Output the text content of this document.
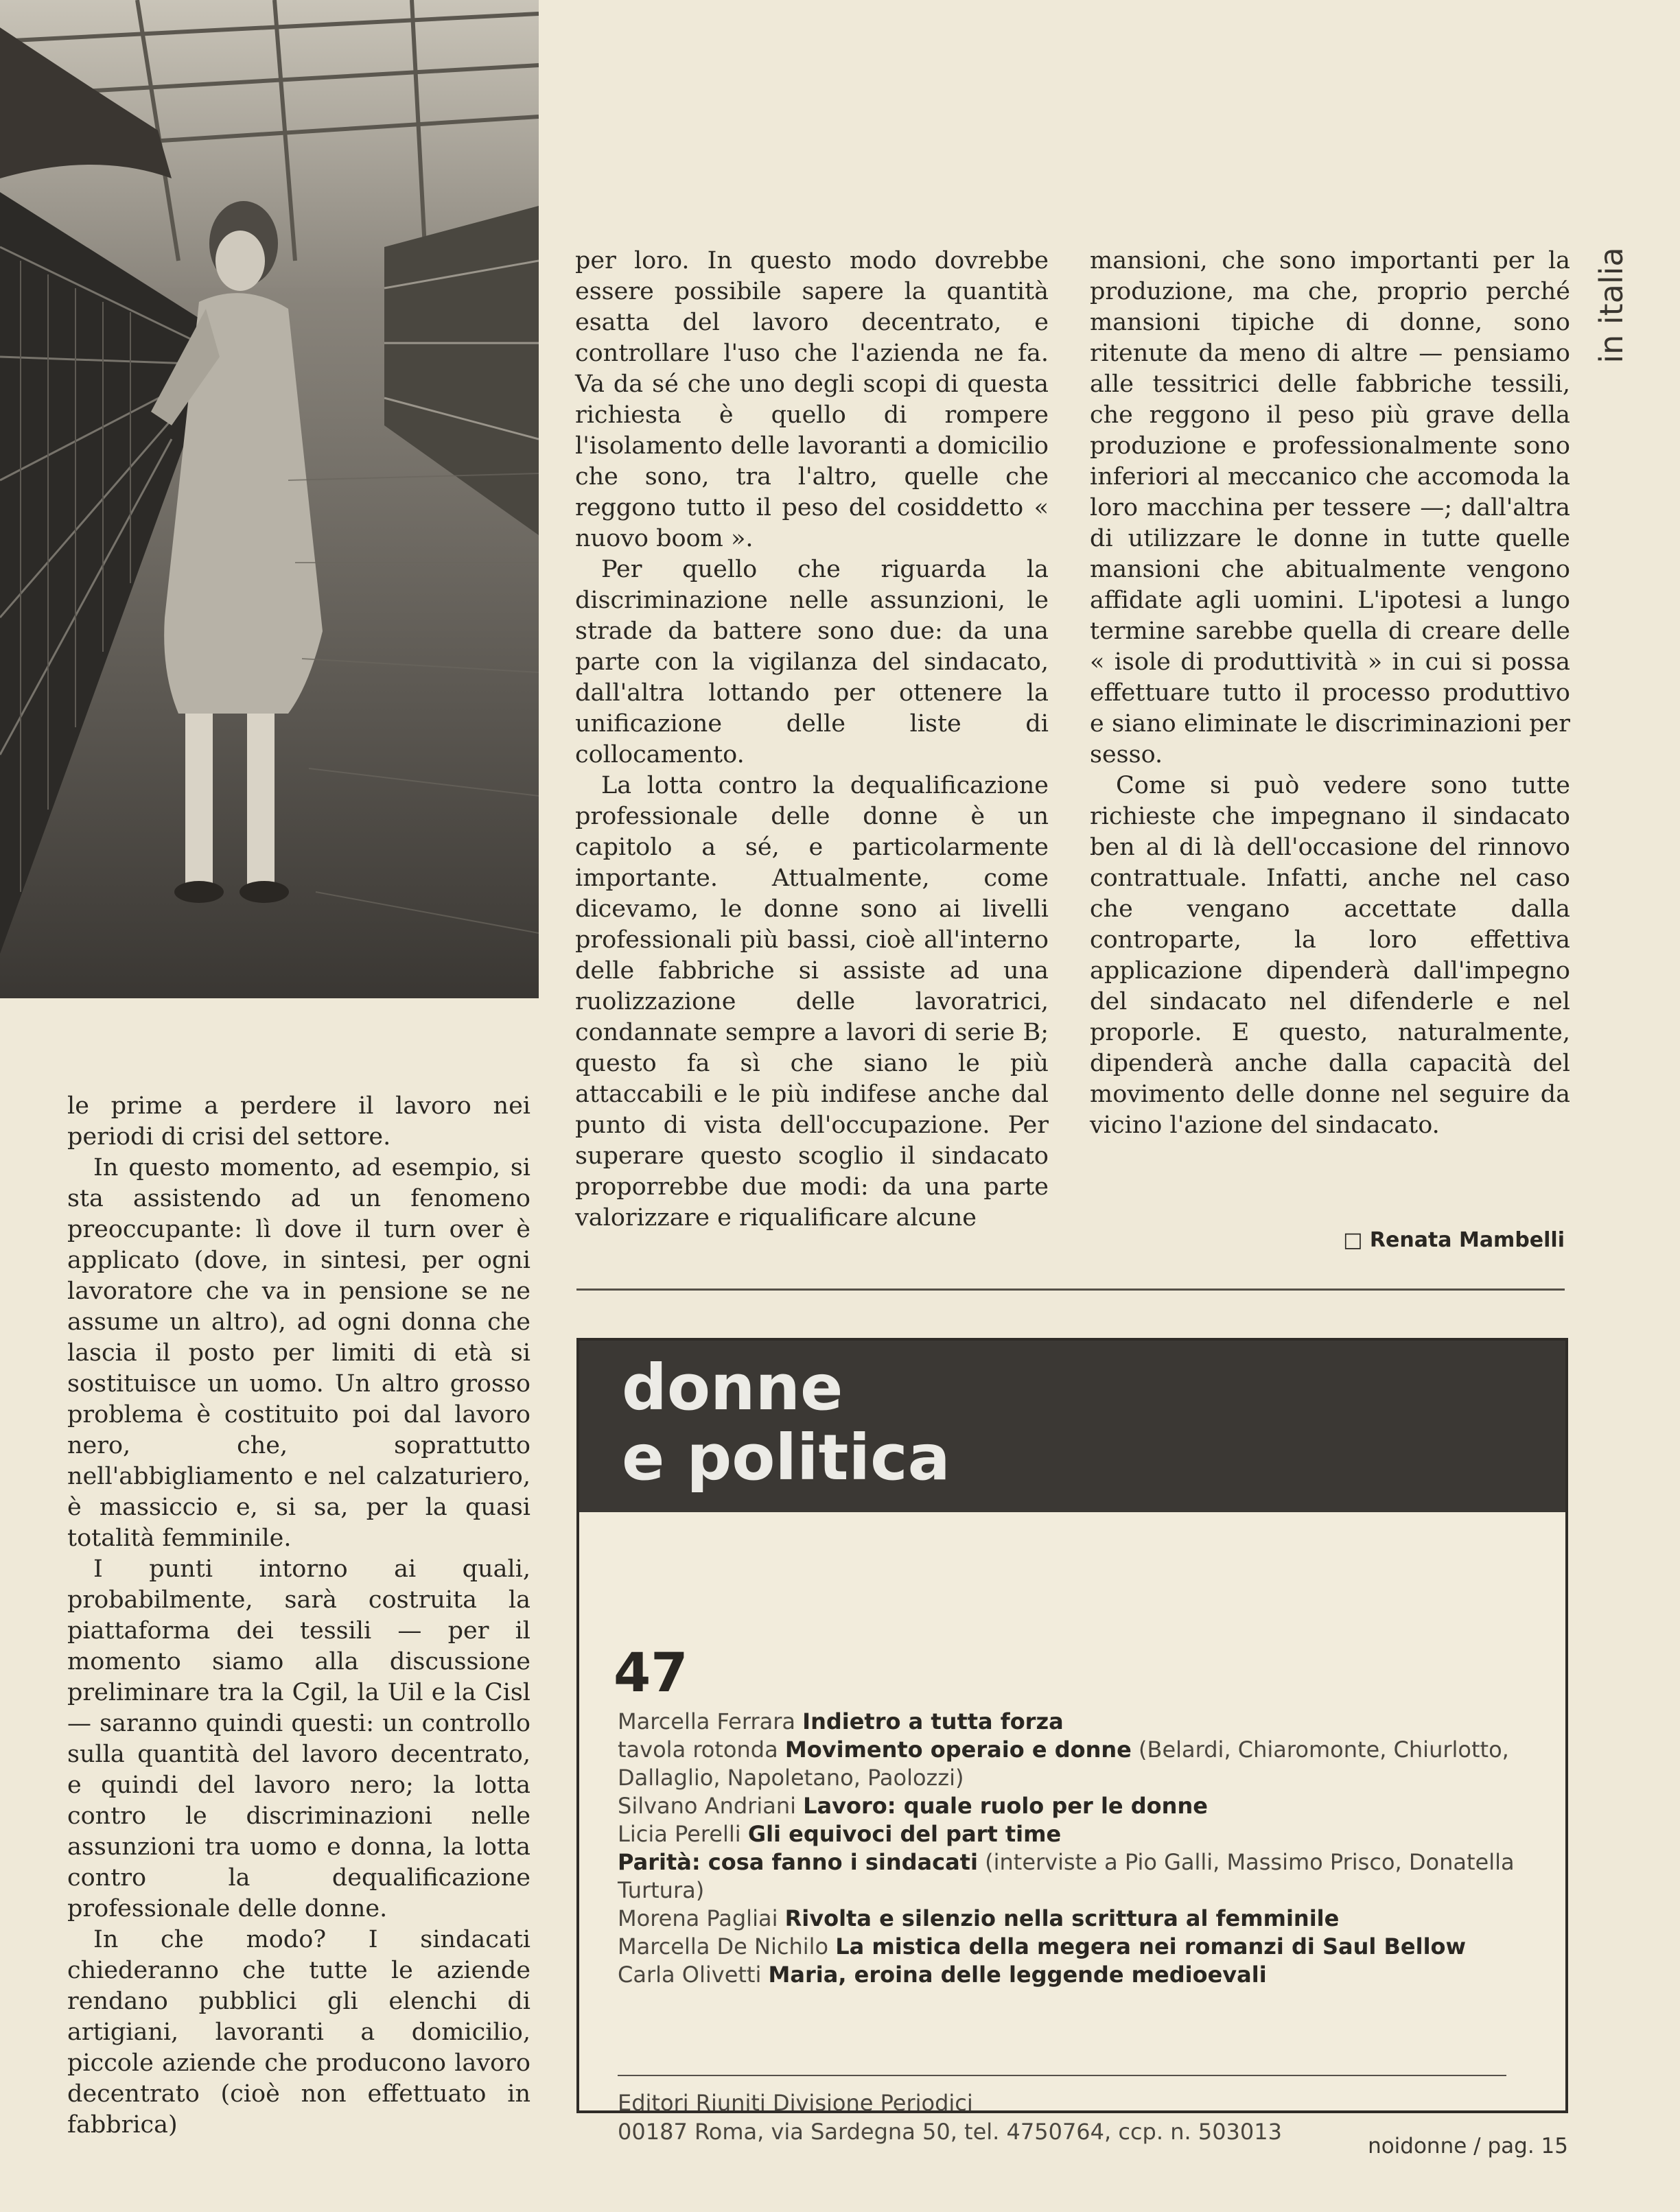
in italia

le prime a perdere il lavoro nei periodi di crisi del settore.

In questo momento, ad esempio, si sta assistendo ad un fenomeno preoccupante: lì dove il turn over è applicato (dove, in sintesi, per ogni lavoratore che va in pensione se ne assume un altro), ad ogni donna che lascia il posto per limiti di età si sostituisce un uomo. Un altro grosso problema è costituito poi dal lavoro nero, che, soprattutto nell'abbigliamento e nel calzaturiero, è massiccio e, si sa, per la quasi totalità femminile.

I punti intorno ai quali, probabilmente, sarà costruita la piattaforma dei tessili — per il momento siamo alla discussione preliminare tra la Cgil, la Uil e la Cisl — saranno quindi questi: un controllo sulla quantità del lavoro decentrato, e quindi del lavoro nero; la lotta contro le discriminazioni nelle assunzioni tra uomo e donna, la lotta contro la dequalificazione professionale delle donne.

In che modo? I sindacati chiederanno che tutte le aziende rendano pubblici gli elenchi di artigiani, lavoranti a domicilio, piccole aziende che producono lavoro decentrato (cioè non effettuato in fabbrica)

per loro. In questo modo dovrebbe essere possibile sapere la quantità esatta del lavoro decentrato, e controllare l'uso che l'azienda ne fa. Va da sé che uno degli scopi di questa richiesta è quello di rompere l'isolamento delle lavoranti a domicilio che sono, tra l'altro, quelle che reggono tutto il peso del cosiddetto « nuovo boom ».

Per quello che riguarda la discriminazione nelle assunzioni, le strade da battere sono due: da una parte con la vigilanza del sindacato, dall'altra lottando per ottenere la unificazione delle liste di collocamento.

La lotta contro la dequalificazione professionale delle donne è un capitolo a sé, e particolarmente importante. Attualmente, come dicevamo, le donne sono ai livelli professionali più bassi, cioè all'interno delle fabbriche si assiste ad una ruolizzazione delle lavoratrici, condannate sempre a lavori di serie B; questo fa sì che siano le più attaccabili e le più indifese anche dal punto di vista dell'occupazione. Per superare questo scoglio il sindacato proporrebbe due modi: da una parte valorizzare e riqualificare alcune

mansioni, che sono importanti per la produzione, ma che, proprio perché mansioni tipiche di donne, sono ritenute da meno di altre — pensiamo alle tessitrici delle fabbriche tessili, che reggono il peso più grave della produzione e professionalmente sono inferiori al meccanico che accomoda la loro macchina per tessere —; dall'altra di utilizzare le donne in tutte quelle mansioni che abitualmente vengono affidate agli uomini. L'ipotesi a lungo termine sarebbe quella di creare delle « isole di produttività » in cui si possa effettuare tutto il processo produttivo e siano eliminate le discriminazioni per sesso.

Come si può vedere sono tutte richieste che impegnano il sindacato ben al di là dell'occasione del rinnovo contrattuale. Infatti, anche nel caso che vengano accettate dalla controparte, la loro effettiva applicazione dipenderà dall'impegno del sindacato nel difenderle e nel proporle. E questo, naturalmente, dipenderà anche dalla capacità del movimento delle donne nel seguire da vicino l'azione del sindacato.

□ Renata Mambelli
donne
e politica
47
Marcella Ferrara Indietro a tutta forza
tavola rotonda Movimento operaio e donne (Belardi, Chiaromonte, Chiurlotto, Dallaglio, Napoletano, Paolozzi)
Silvano Andriani Lavoro: quale ruolo per le donne
Licia Perelli Gli equivoci del part time
Parità: cosa fanno i sindacati (interviste a Pio Galli, Massimo Prisco, Donatella Turtura)
Morena Pagliai Rivolta e silenzio nella scrittura al femminile
Marcella De Nichilo La mistica della megera nei romanzi di Saul Bellow
Carla Olivetti Maria, eroina delle leggende medioevali
Editori Riuniti Divisione Periodici
00187 Roma, via Sardegna 50, tel. 4750764, ccp. n. 503013
noidonne / pag. 15
